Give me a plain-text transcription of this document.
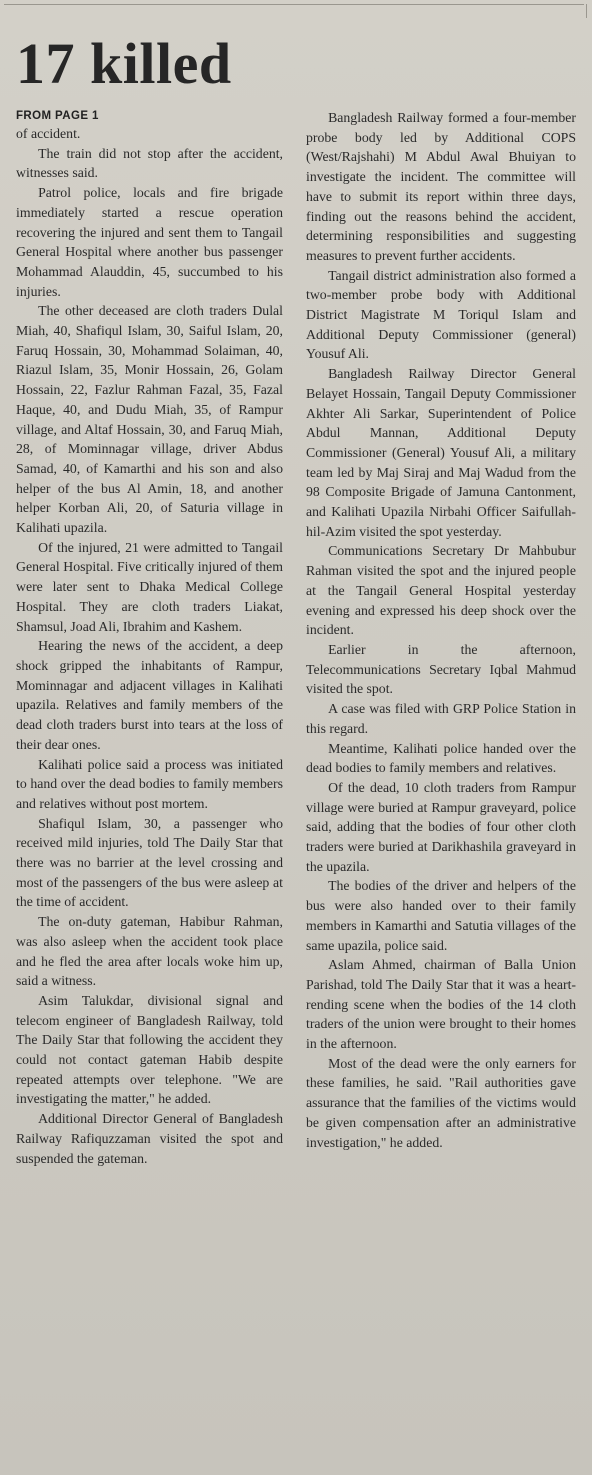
17 killed
FROM PAGE 1

of accident.

The train did not stop after the accident, witnesses said.

Patrol police, locals and fire brigade immediately started a rescue operation recovering the injured and sent them to Tangail General Hospital where another bus passenger Mohammad Alauddin, 45, succumbed to his injuries.

The other deceased are cloth traders Dulal Miah, 40, Shafiqul Islam, 30, Saiful Islam, 20, Faruq Hossain, 30, Mohammad Solaiman, 40, Riazul Islam, 35, Monir Hossain, 26, Golam Hossain, 22, Fazlur Rahman Fazal, 35, Fazal Haque, 40, and Dudu Miah, 35, of Rampur village, and Altaf Hossain, 30, and Faruq Miah, 28, of Mominnagar village, driver Abdus Samad, 40, of Kamarthi and his son and also helper of the bus Al Amin, 18, and another helper Korban Ali, 20, of Saturia village in Kalihati upazila.

Of the injured, 21 were admitted to Tangail General Hospital. Five critically injured of them were later sent to Dhaka Medical College Hospital. They are cloth traders Liakat, Shamsul, Joad Ali, Ibrahim and Kashem.

Hearing the news of the accident, a deep shock gripped the inhabitants of Rampur, Mominnagar and adjacent villages in Kalihati upazila. Relatives and family members of the dead cloth traders burst into tears at the loss of their dear ones.

Kalihati police said a process was initiated to hand over the dead bodies to family members and relatives without post mortem.

Shafiqul Islam, 30, a passenger who received mild injuries, told The Daily Star that there was no barrier at the level crossing and most of the passengers of the bus were asleep at the time of accident.

The on-duty gateman, Habibur Rahman, was also asleep when the accident took place and he fled the area after locals woke him up, said a witness.

Asim Talukdar, divisional signal and telecom engineer of Bangladesh Railway, told The Daily Star that following the accident they could not contact gateman Habib despite repeated attempts over telephone. "We are investigating the matter," he added.

Additional Director General of Bangladesh Railway Rafiquzzaman visited the spot and suspended the gateman.

Bangladesh Railway formed a four-member probe body led by Additional COPS (West/Rajshahi) M Abdul Awal Bhuiyan to investigate the incident. The committee will have to submit its report within three days, finding out the reasons behind the accident, determining responsibilities and suggesting measures to prevent further accidents.

Tangail district administration also formed a two-member probe body with Additional District Magistrate M Toriqul Islam and Additional Deputy Commissioner (general) Yousuf Ali.

Bangladesh Railway Director General Belayet Hossain, Tangail Deputy Commissioner Akhter Ali Sarkar, Superintendent of Police Abdul Mannan, Additional Deputy Commissioner (General) Yousuf Ali, a military team led by Maj Siraj and Maj Wadud from the 98 Composite Brigade of Jamuna Cantonment, and Kalihati Upazila Nirbahi Officer Saifullah-hil-Azim visited the spot yesterday.

Communications Secretary Dr Mahbubur Rahman visited the spot and the injured people at the Tangail General Hospital yesterday evening and expressed his deep shock over the incident.

Earlier in the afternoon, Telecommunications Secretary Iqbal Mahmud visited the spot.

A case was filed with GRP Police Station in this regard.

Meantime, Kalihati police handed over the dead bodies to family members and relatives.

Of the dead, 10 cloth traders from Rampur village were buried at Rampur graveyard, police said, adding that the bodies of four other cloth traders were buried at Darikhashila graveyard in the upazila.

The bodies of the driver and helpers of the bus were also handed over to their family members in Kamarthi and Satutia villages of the same upazila, police said.

Aslam Ahmed, chairman of Balla Union Parishad, told The Daily Star that it was a heart-rending scene when the bodies of the 14 cloth traders of the union were brought to their homes in the afternoon.

Most of the dead were the only earners for these families, he said. "Rail authorities gave assurance that the families of the victims would be given compensation after an administrative investigation," he added.
